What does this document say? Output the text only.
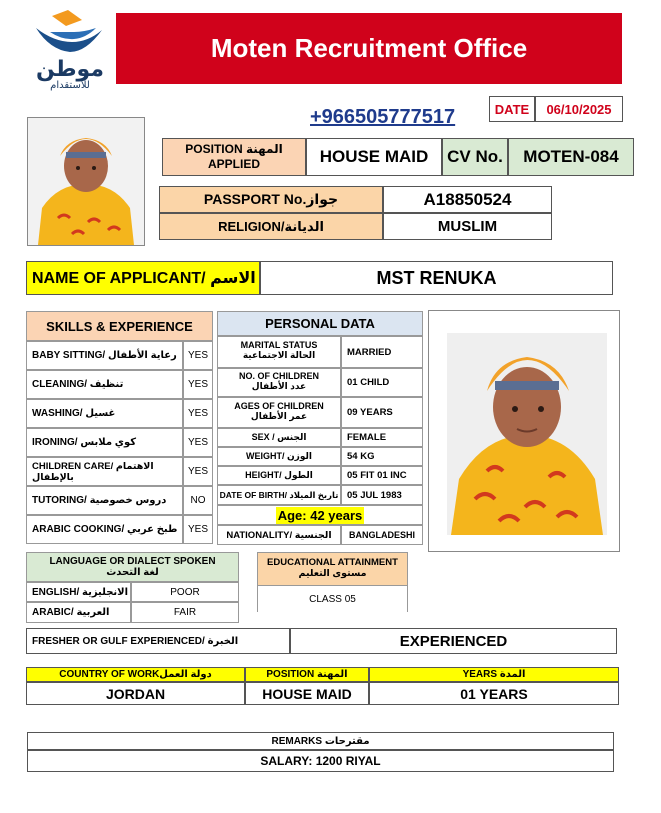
موطن
للاستقدام
Moten Recruitment Office
+966505777517	DATE	06/10/2025
POSITION المهنة APPLIED	HOUSE MAID	CV No.	MOTEN-084
PASSPORT No.جواز	A18850524
RELIGION/الديانة	MUSLIM
NAME OF APPLICANT/ الاسم	MST RENUKA
SKILLS & EXPERIENCE
BABY SITTING/ رعاية الأطفال	YES
CLEANING/ تنظيف	YES
WASHING/ غسيل	YES
IRONING/ كوي ملابس	YES
CHILDREN CARE/ الاهتمام بالإطفال	YES
TUTORING/ دروس خصوصية	NO
ARABIC COOKING/ طبخ عربي	YES
PERSONAL DATA
MARITAL STATUS
الحالة الاجتماعية	MARRIED
NO. OF CHILDREN
عدد الأطفال	01 CHILD
AGES OF CHILDREN
عمر الأطفال	09 YEARS
SEX / الجنس	FEMALE
WEIGHT/ الوزن	54 KG
HEIGHT/ الطول	05 FIT 01 INC
DATE OF BIRTH/ تاريخ الميلاد 05 JUL 1983
Age: 42 years
NATIONALITY/ الجنسية	BANGLADESHI
LANGUAGE OR DIALECT SPOKEN
لغة التحدث
ENGLISH/ الانجليزية	POOR
ARABIC/ العربية	FAIR
EDUCATIONAL ATTAINMENT
مستوى التعليم
CLASS 05
FRESHER OR GULF EXPERIENCED/ الخبرة	EXPERIENCED
COUNTRY OF WORKدولة العمل	POSITION المهنة	YEARS المدة
JORDAN	HOUSE MAID	01 YEARS
REMARKS مقترحات
SALARY: 1200 RIYAL
